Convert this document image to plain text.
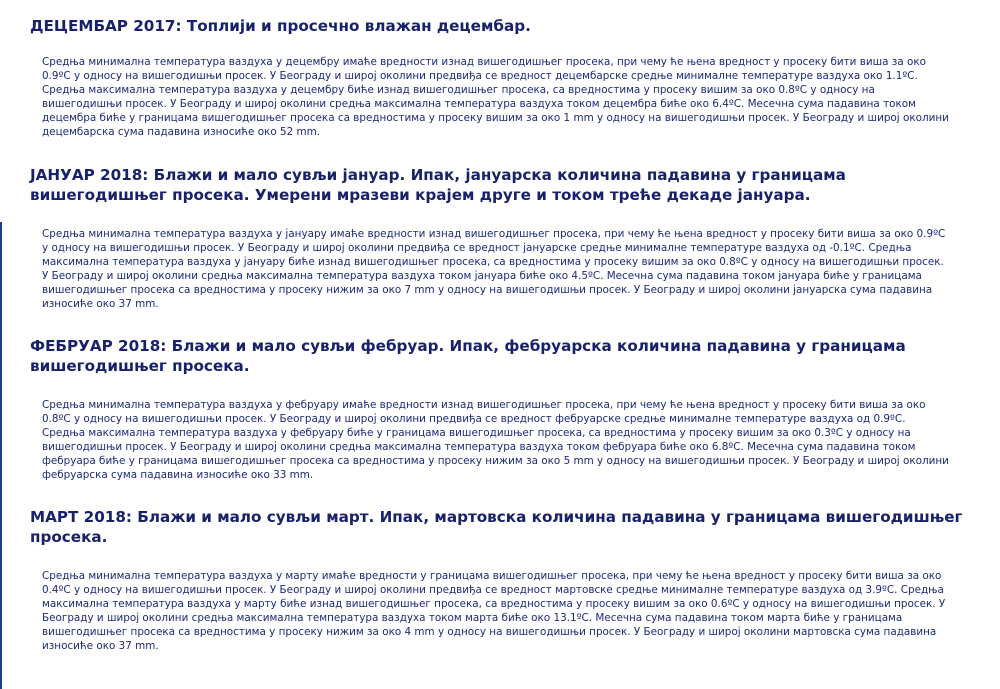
ДЕЦЕМБАР 2017: Топлији и просечно влажан децембар.

Средња минимална температура ваздуха у децембру имаће вредности изнад вишегодишњег просека, при чему ће њена вредност у просеку бити виша за око 0.9ºC у односу на вишегодишњи просек. У Београду и широј околини предвиђа се вредност децембарске средње минималне температуре ваздуха око 1.1ºC. Средња максимална температура ваздуха у децембру биће изнад вишегодишњег просека, са вредностима у просеку вишим за око 0.8ºC у односу на вишегодишњи просек. У Београду и широј околини средња максимална температура ваздуха током децембра биће око 6.4ºC. Месечна сума падавина током децембра биће у границама вишегодишњег просека са вредностима у просеку вишим за око 1 mm у односу на вишегодишњи просек. У Београду и широј околини децембарска сума падавина износиће око 52 mm.

ЈАНУАР 2018: Блажи и мало сувљи јануар. Ипак, јануарска количина падавина у границама вишегодишњег просека. Умерени мразеви крајем друге и током треће декаде јануара.

Средња минимална температура ваздуха у јануару имаће вредности изнад вишегодишњег просека, при чему ће њена вредност у просеку бити виша за око 0.9ºC у односу на вишегодишњи просек. У Београду и широј околини предвиђа се вредност јануарске средње минималне температуре ваздуха од -0.1ºC. Средња максимална температура ваздуха у јануару биће изнад вишегодишњег просека, са вредностима у просеку вишим за око 0.8ºC у односу на вишегодишњи просек. У Београду и широј околини средња максимална температура ваздуха током јануара биће око 4.5ºC. Месечна сума падавина током јануара биће у границама вишегодишњег просека са вредностима у просеку нижим за око 7 mm у односу на вишегодишњи просек. У Београду и широј околини јануарска сума падавина износиће око 37 mm.

ФЕБРУАР 2018: Блажи и мало сувљи фебруар. Ипак, фебруарска количина падавина у границама вишегодишњег просека.

Средња минимална температура ваздуха у фебруару имаће вредности изнад вишегодишњег просека, при чему ће њена вредност у просеку бити виша за око 0.8ºC у односу на вишегодишњи просек. У Београду и широј околини предвиђа се вредност фебруарске средње минималне температуре ваздуха од 0.9ºC. Средња максимална температура ваздуха у фебруару биће у границама вишегодишњег просека, са вредностима у просеку вишим за око 0.3ºC у односу на вишегодишњи просек. У Београду и широј околини средња максимална температура ваздуха током фебруара биће око 6.8ºC. Месечна сума падавина током фебруара биће у границама вишегодишњег просека са вредностима у просеку нижим за око 5 mm у односу на вишегодишњи просек. У Београду и широј околини фебруарска сума падавина износиће око 33 mm.

МАРТ 2018: Блажи и мало сувљи март. Ипак, мартовска количина падавина у границама вишегодишњег просека.

Средња минимална температура ваздуха у марту имаће вредности у границама вишегодишњег просека, при чему ће њена вредност у просеку бити виша за око 0.4ºC у односу на вишегодишњи просек. У Београду и широј околини предвиђа се вредност мартовске средње минималне температуре ваздуха од 3.9ºC. Средња максимална температура ваздуха у марту биће изнад вишегодишњег просека, са вредностима у просеку вишим за око 0.6ºC у односу на вишегодишњи просек. У Београду и широј околини средња максимална температура ваздуха током марта биће око 13.1ºC. Месечна сума падавина током марта биће у границама вишегодишњег просека са вредностима у просеку нижим за око 4 mm у односу на вишегодишњи просек. У Београду и широј околини мартовска сума падавина износиће око 37 mm.
